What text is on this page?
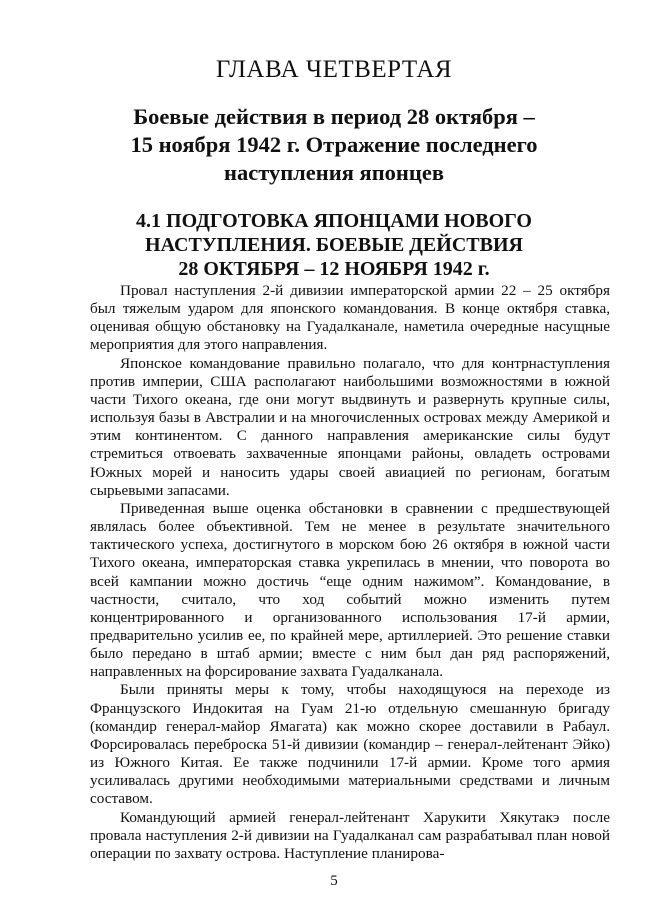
ГЛАВА ЧЕТВЕРТАЯ
Боевые действия в период 28 октября –
15 ноября 1942 г. Отражение последнего
наступления японцев
4.1 ПОДГОТОВКА ЯПОНЦАМИ НОВОГО
НАСТУПЛЕНИЯ. БОЕВЫЕ ДЕЙСТВИЯ
28 ОКТЯБРЯ – 12 НОЯБРЯ 1942 г.

Провал наступления 2-й дивизии императорской армии 22 – 25 октября был тяжелым ударом для японского командования. В конце октября ставка, оценивая общую обстановку на Гуадалканале, наметила очередные насущные мероприятия для этого направления.

Японское командование правильно полагало, что для контрнаступления против империи, США располагают наибольшими возможностями в южной части Тихого океана, где они могут выдвинуть и развернуть крупные силы, используя базы в Австралии и на многочисленных островах между Америкой и этим континентом. С данного направления американские силы будут стремиться отвоевать захваченные японцами районы, овладеть островами Южных морей и наносить удары своей авиацией по регионам, богатым сырьевыми запасами.

Приведенная выше оценка обстановки в сравнении с предшествующей являлась более объективной. Тем не менее в результате значительного тактического успеха, достигнутого в морском бою 26 октября в южной части Тихого океана, императорская ставка укрепилась в мнении, что поворота во всей кампании можно достичь “еще одним нажимом”. Командование, в частности, считало, что ход событий можно изменить путем концентрированного и организованного использования 17-й армии, предварительно усилив ее, по крайней мере, артиллерией. Это решение ставки было передано в штаб армии; вместе с ним был дан ряд распоряжений, направленных на форсирование захвата Гуадалканала.

Были приняты меры к тому, чтобы находящуюся на переходе из Французского Индокитая на Гуам 21-ю отдельную смешанную бригаду (командир генерал-майор Ямагата) как можно скорее доставили в Рабаул. Форсировалась переброска 51-й дивизии (командир – генерал-лейтенант Эйко) из Южного Китая. Ее также подчинили 17-й армии. Кроме того армия усиливалась другими необходимыми материальными средствами и личным составом.

Командующий армией генерал-лейтенант Харукити Хякутакэ после провала наступления 2-й дивизии на Гуадалканал сам разрабатывал план новой операции по захвату острова. Наступление планирова-

5
